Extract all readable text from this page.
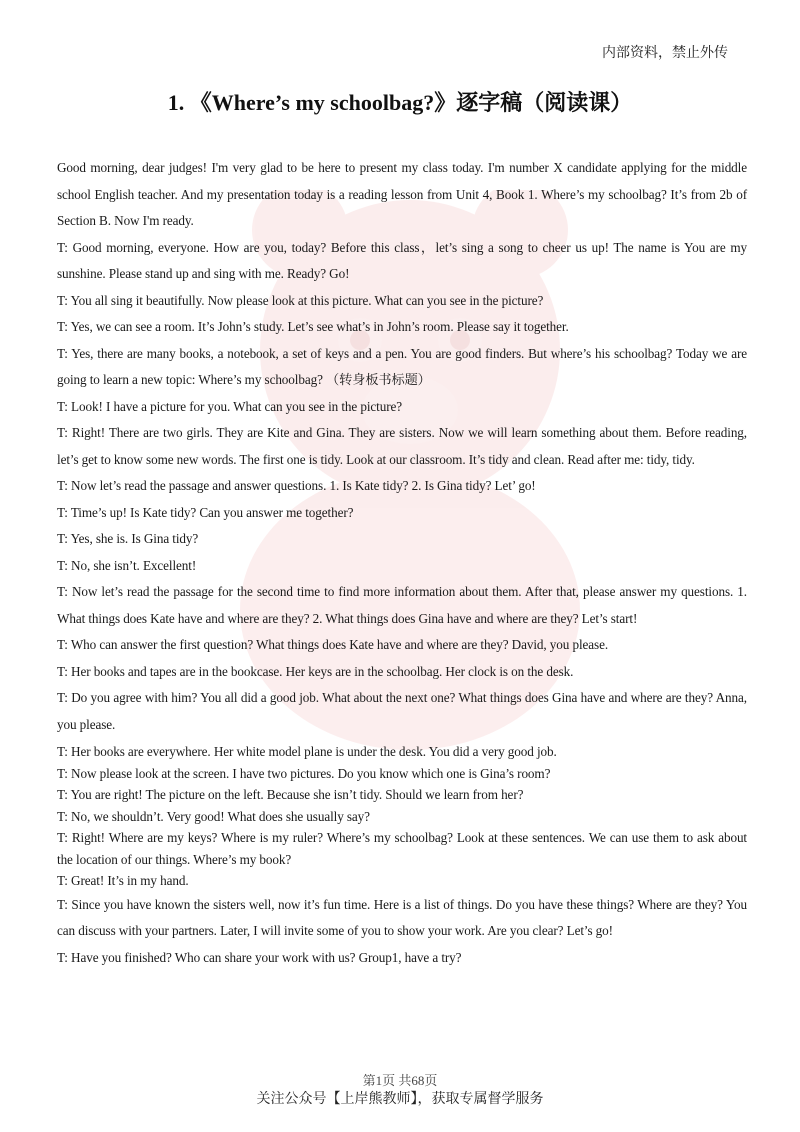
内部资料，禁止外传
1. 《Where’s my schoolbag?》逐字稿（阅读课）

Good morning, dear judges! I'm very glad to be here to present my class today. I'm number X candidate applying for the middle school English teacher. And my presentation today is a reading lesson from Unit 4, Book 1. Where’s my schoolbag? It’s from 2b of Section B. Now I'm ready.

T: Good morning, everyone. How are you, today? Before this class，let’s sing a song to cheer us up! The name is You are my sunshine. Please stand up and sing with me. Ready? Go!

T: You all sing it beautifully. Now please look at this picture. What can you see in the picture?

T: Yes, we can see a room. It’s John’s study. Let’s see what’s in John’s room. Please say it together.

T: Yes, there are many books, a notebook, a set of keys and a pen. You are good finders. But where’s his schoolbag? Today we are going to learn a new topic: Where’s my schoolbag? （转身板书标题）

T: Look! I have a picture for you. What can you see in the picture?

T: Right! There are two girls. They are Kite and Gina. They are sisters. Now we will learn something about them. Before reading, let’s get to know some new words. The first one is tidy. Look at our classroom. It’s tidy and clean. Read after me: tidy, tidy.

T: Now let’s read the passage and answer questions. 1. Is Kate tidy? 2. Is Gina tidy? Let’ go!

T: Time’s up! Is Kate tidy? Can you answer me together?

T: Yes, she is. Is Gina tidy?

T: No, she isn’t. Excellent!

T: Now let’s read the passage for the second time to find more information about them. After that, please answer my questions. 1. What things does Kate have and where are they? 2. What things does Gina have and where are they? Let’s start!

T: Who can answer the first question? What things does Kate have and where are they? David, you please.

T: Her books and tapes are in the bookcase. Her keys are in the schoolbag. Her clock is on the desk.

T: Do you agree with him? You all did a good job. What about the next one? What things does Gina have and where are they? Anna, you please.

T: Her books are everywhere. Her white model plane is under the desk. You did a very good job.

T: Now please look at the screen. I have two pictures. Do you know which one is Gina’s room?

T: You are right! The picture on the left. Because she isn’t tidy. Should we learn from her?

T: No, we shouldn’t. Very good! What does she usually say?

T: Right! Where are my keys? Where is my ruler? Where’s my schoolbag? Look at these sentences. We can use them to ask about the location of our things. Where’s my book?

T: Great! It’s in my hand.

T: Since you have known the sisters well, now it’s fun time. Here is a list of things. Do you have these things? Where are they? You can discuss with your partners. Later, I will invite some of you to show your work. Are you clear? Let’s go!

T: Have you finished? Who can share your work with us? Group1, have a try?

第1页 共68页
关注公众号【上岸熊教师】，获取专属督学服务
